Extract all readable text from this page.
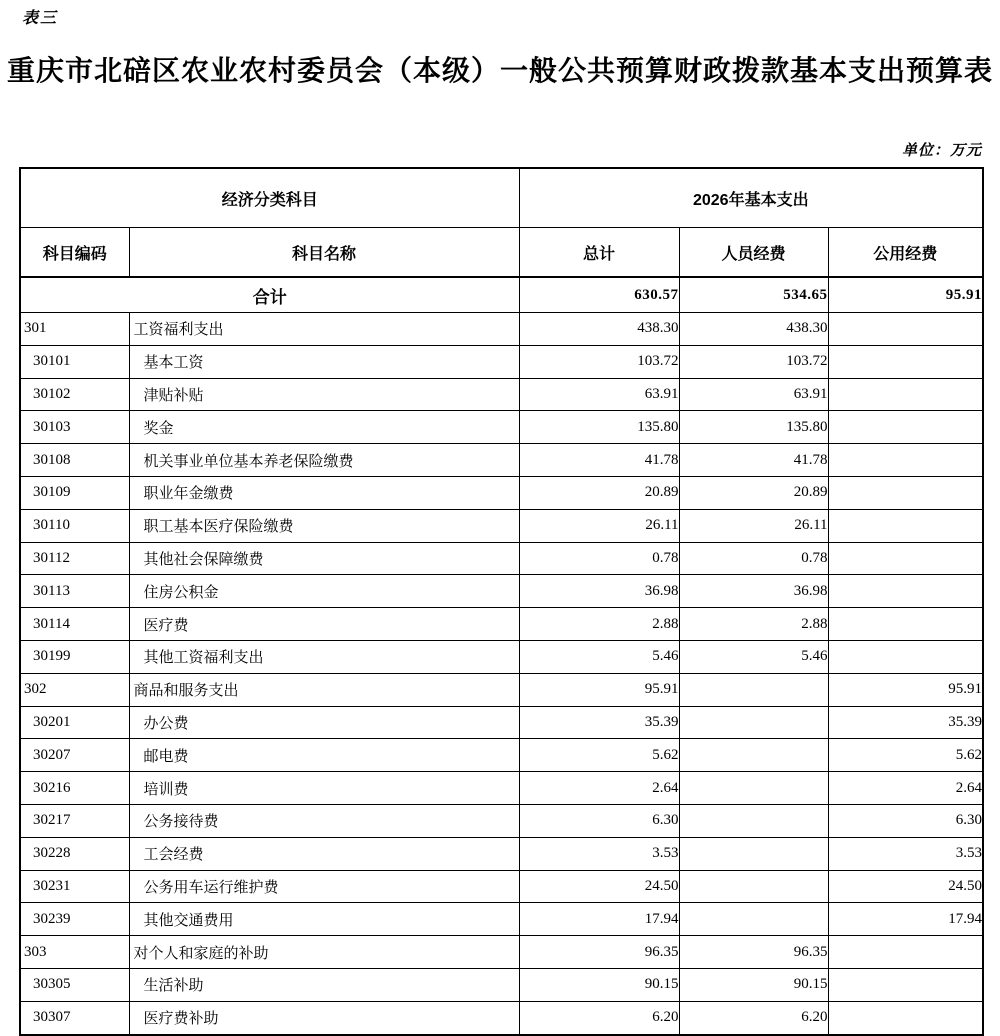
表三
重庆市北碚区农业农村委员会（本级）一般公共预算财政拨款基本支出预算表
单位：万元
经济分类科目		2026年基本支出		
科目编码	科目名称	总计	人员经费	公用经费
合计		630.57	534.65	95.91
301	工资福利支出	438.30	438.30	
30101	基本工资	103.72	103.72	
30102	津贴补贴	63.91	63.91	
30103	奖金	135.80	135.80	
30108	机关事业单位基本养老保险缴费	41.78	41.78	
30109	职业年金缴费	20.89	20.89	
30110	职工基本医疗保险缴费	26.11	26.11	
30112	其他社会保障缴费	0.78	0.78	
30113	住房公积金	36.98	36.98	
30114	医疗费	2.88	2.88	
30199	其他工资福利支出	5.46	5.46	
302	商品和服务支出	95.91		95.91
30201	办公费	35.39		35.39
30207	邮电费	5.62		5.62
30216	培训费	2.64		2.64
30217	公务接待费	6.30		6.30
30228	工会经费	3.53		3.53
30231	公务用车运行维护费	24.50		24.50
30239	其他交通费用	17.94		17.94
303	对个人和家庭的补助	96.35	96.35	
30305	生活补助	90.15	90.15	
30307	医疗费补助	6.20	6.20	
